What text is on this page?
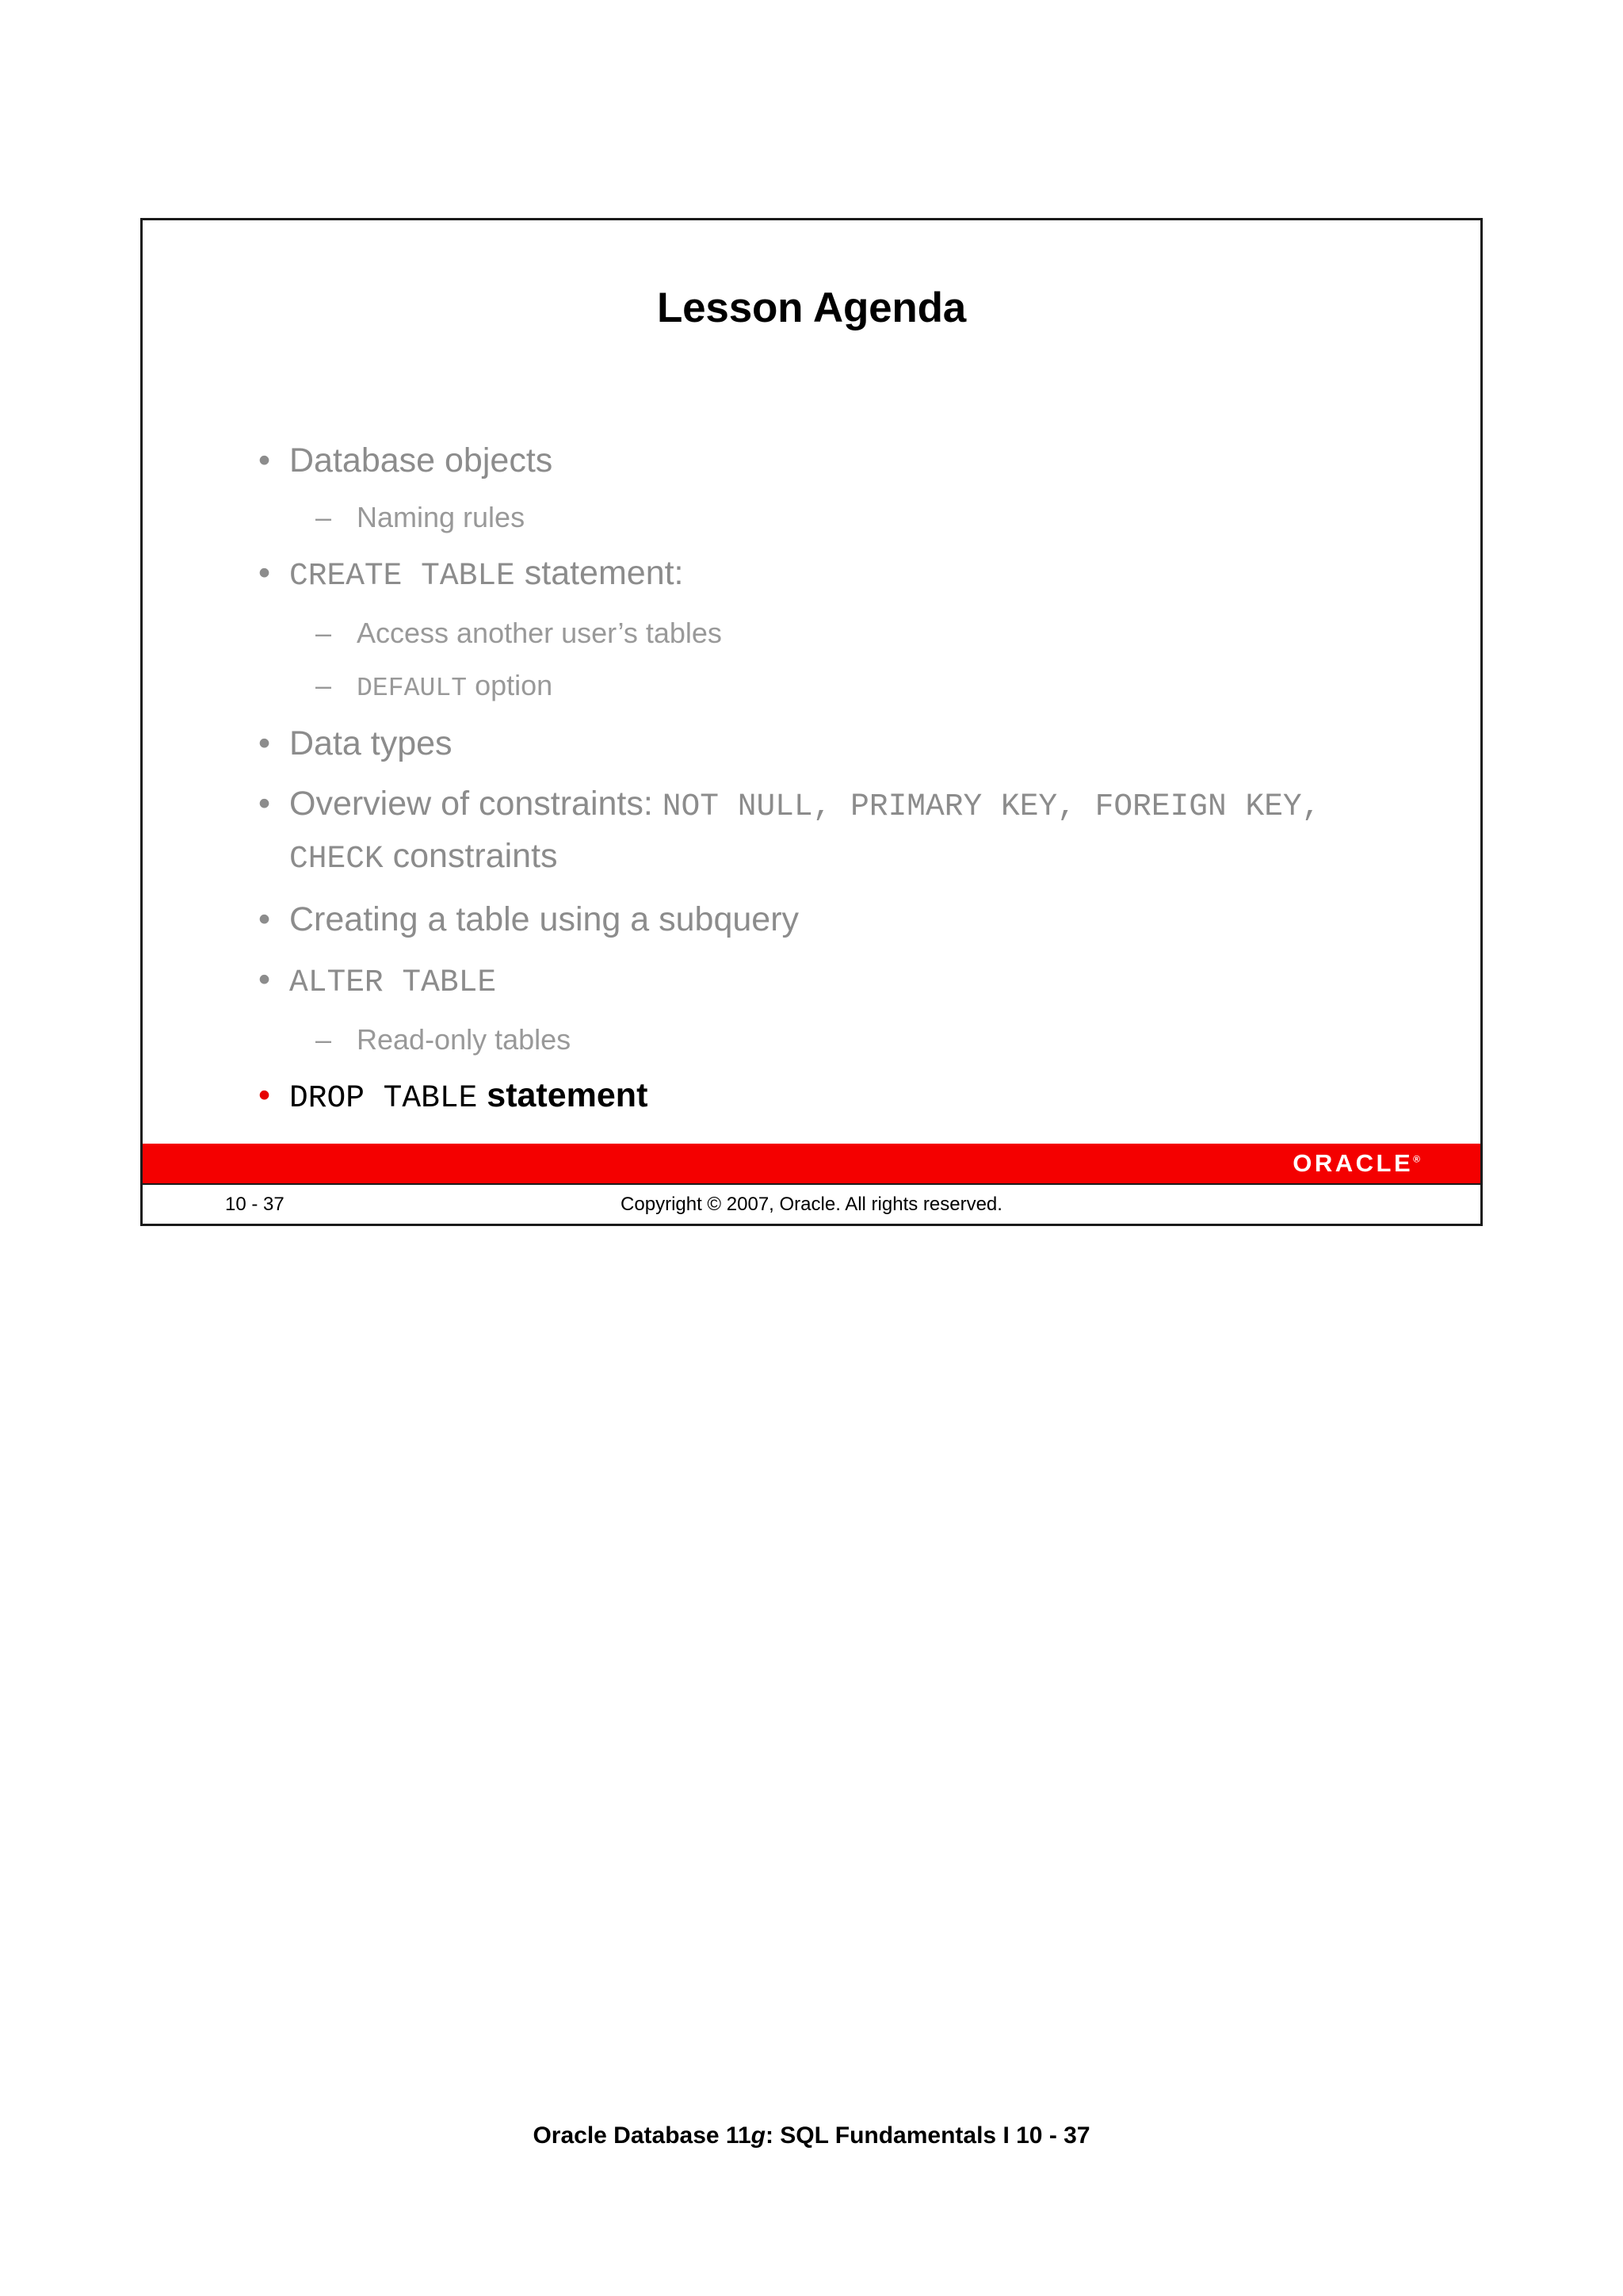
Lesson Agenda
• Database objects
– Naming rules
• CREATE TABLE statement:
– Access another user’s tables
– DEFAULT option
• Data types
• Overview of constraints: NOT NULL, PRIMARY KEY, FOREIGN KEY, CHECK constraints
• Creating a table using a subquery
• ALTER TABLE
– Read-only tables
• DROP TABLE statement
ORACLE®
10 - 37	Copyright © 2007, Oracle. All rights reserved.
Oracle Database 11g: SQL Fundamentals I 10 - 37
